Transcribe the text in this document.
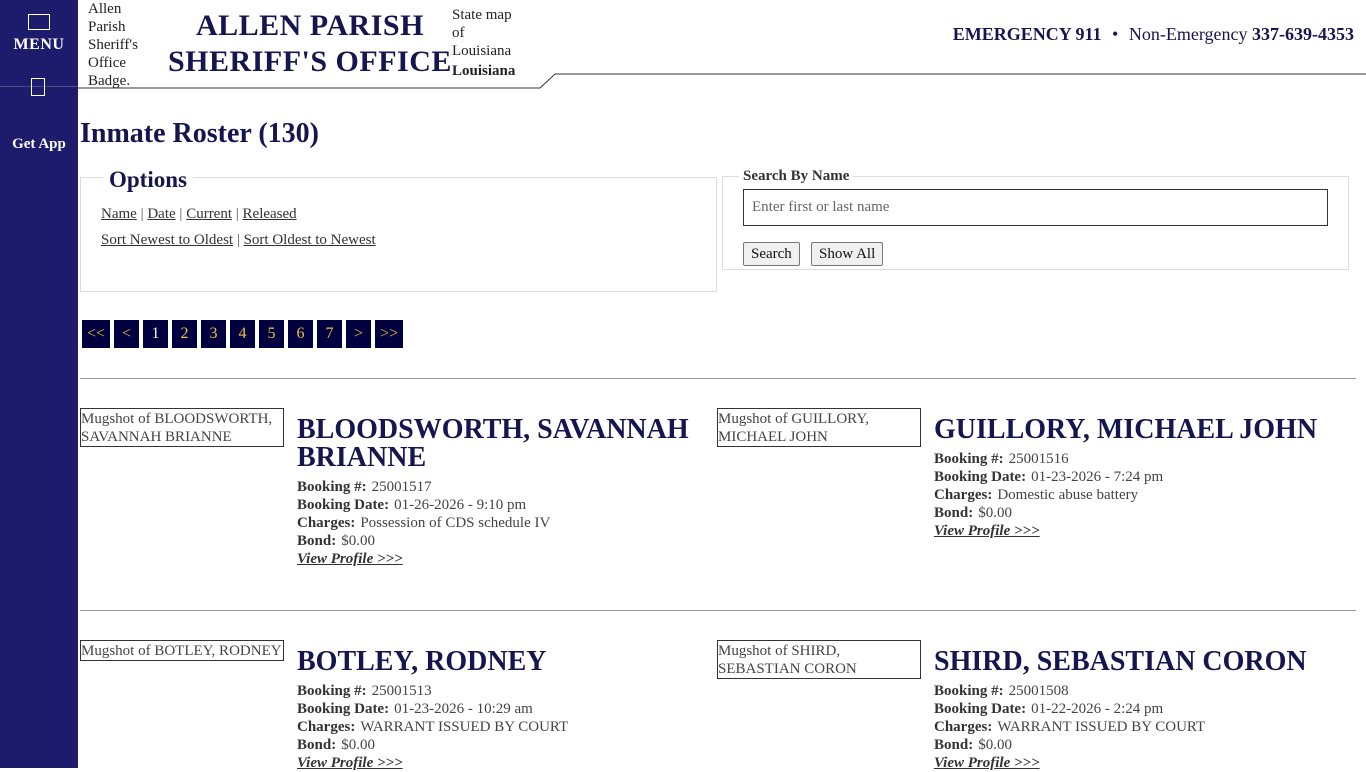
MENU
Get App
Allen Parish Sheriff's Office Badge.
ALLEN PARISH
SHERIFF'S OFFICE
State map of Louisiana
Louisiana
EMERGENCY 911 • Non-Emergency 337-639-4353
Inmate Roster (130)
Options
Name | Date | Current | Released
Sort Newest to Oldest | Sort Oldest to Newest
Search By Name
Enter first or last name
Search	Show All
<<	<	1	2	3	4	5	6	7	>	>>
Mugshot of BLOODSWORTH, SAVANNAH BRIANNE	BLOODSWORTH, SAVANNAH BRIANNE
Booking #: 25001517
Booking Date: 01-26-2026 - 9:10 pm
Charges: Possession of CDS schedule IV
Bond: $0.00
View Profile >>>
Mugshot of GUILLORY, MICHAEL JOHN	GUILLORY, MICHAEL JOHN
Booking #: 25001516
Booking Date: 01-23-2026 - 7:24 pm
Charges: Domestic abuse battery
Bond: $0.00
View Profile >>>
Mugshot of BOTLEY, RODNEY BOTLEY, RODNEY
Booking #: 25001513
Booking Date: 01-23-2026 - 10:29 am
Charges: WARRANT ISSUED BY COURT
Bond: $0.00
View Profile >>>
Mugshot of SHIRD, SEBASTIAN CORON	SHIRD, SEBASTIAN CORON
Booking #: 25001508
Booking Date: 01-22-2026 - 2:24 pm
Charges: WARRANT ISSUED BY COURT
Bond: $0.00
View Profile >>>
